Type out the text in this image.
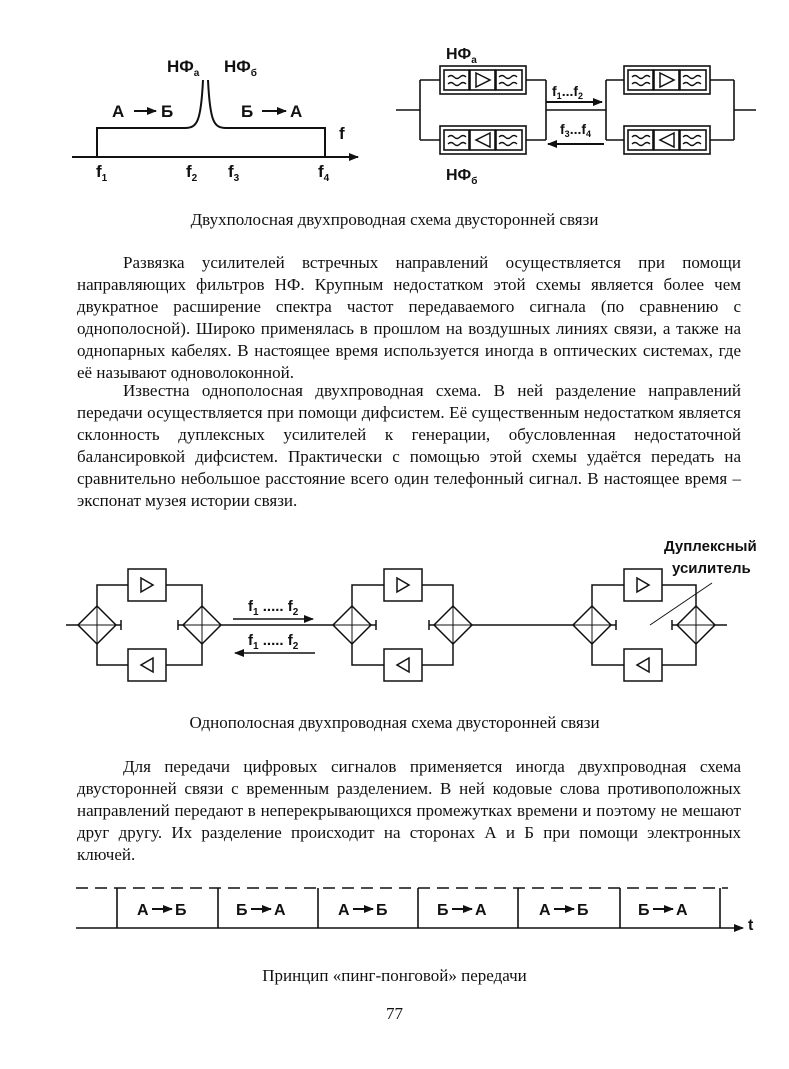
$НФ_а$ $НФ_б$
А Б	Б А
f
$f_1$	$f_2$ $f_3$	$f_4$
$НФ_а$
$НФ_б$
$f_1...f_2$
$f_3...f_4$
Двухполосная двухпроводная схема двусторонней связи

Развязка усилителей встречных направлений осуществляется при помощи направляющих фильтров НФ. Крупным недостатком этой схемы является более чем двукратное расширение спектра частот передаваемого сигнала (по сравнению с однополосной). Широко применялась в прошлом на воздушных линиях связи, а также на однопарных кабелях. В настоящее время используется иногда в оптических системах, где её называют одноволоконной.

Известна однополосная двухпроводная схема. В ней разделение направлений передачи осуществляется при помощи дифсистем. Её существенным недостатком является склонность дуплексных усилителей к генерации, обусловленная недостаточной балансировкой дифсистем. Практически с помощью этой схемы удаётся передать на сравнительно небольшое расстояние всего один телефонный сигнал. В настоящее время – экспонат музея истории связи.

$f_1$ ..... $f_2$
$f_1$ ..... $f_2$
Дуплексный
усилитель
Однополосная двухпроводная схема двусторонней связи

Для передачи цифровых сигналов применяется иногда двухпроводная схема двусторонней связи с временным разделением. В ней кодовые слова противоположных направлений передают в неперекрывающихся промежутках времени и поэтому не мешают друг другу. Их разделение происходит на сторонах А и Б при помощи электронных ключей.

А Б	Б А	А Б	Б А	А Б	Б А
t
Принцип «пинг-понговой» передачи
77
